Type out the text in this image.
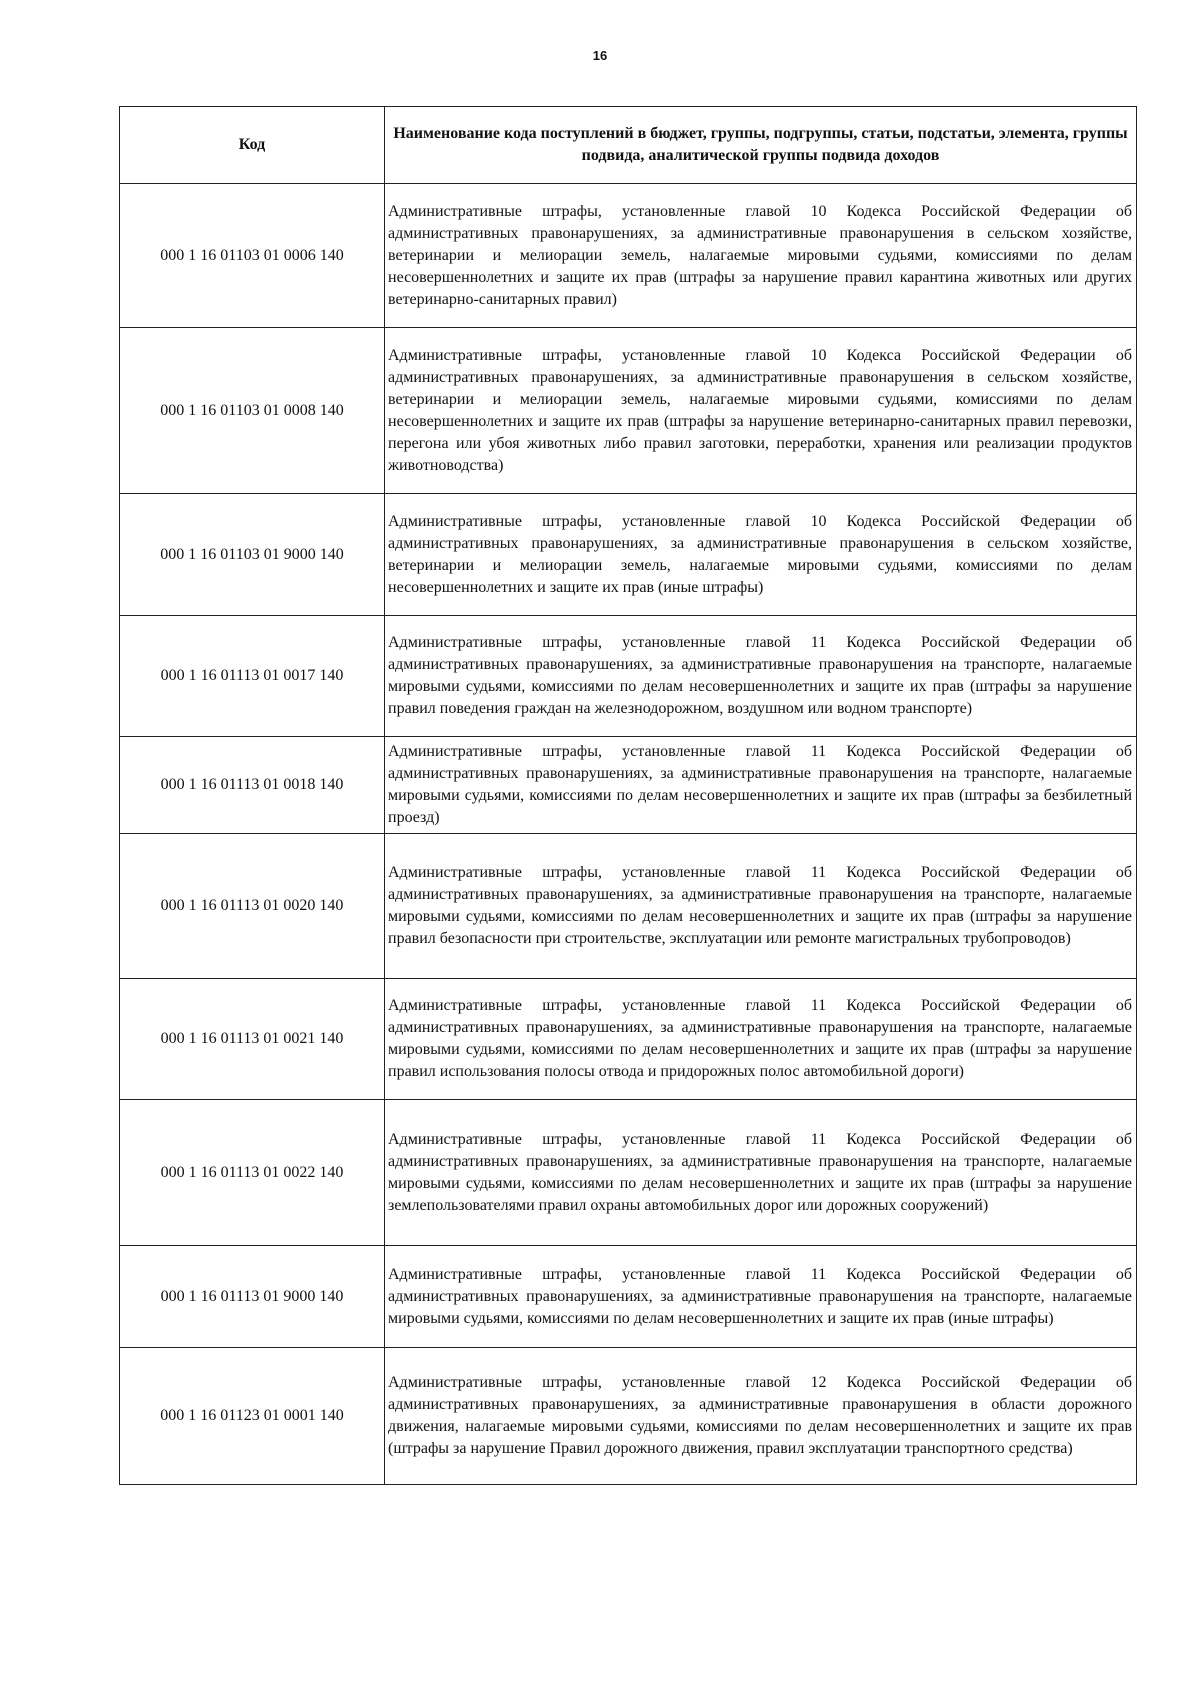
16
Код	Наименование кода поступлений в бюджет, группы, подгруппы, статьи, подстатьи, элемента, группы подвида, аналитической группы подвида доходов
000 1 16 01103 01 0006 140	Административные штрафы, установленные главой 10 Кодекса Российской Федерации об административных правонарушениях, за административные правонарушения в сельском хозяйстве, ветеринарии и мелиорации земель, налагаемые мировыми судьями, комиссиями по делам несовершеннолетних и защите их прав (штрафы за нарушение правил карантина животных или других ветеринарно-санитарных правил)
000 1 16 01103 01 0008 140	Административные штрафы, установленные главой 10 Кодекса Российской Федерации об административных правонарушениях, за административные правонарушения в сельском хозяйстве, ветеринарии и мелиорации земель, налагаемые мировыми судьями, комиссиями по делам несовершеннолетних и защите их прав (штрафы за нарушение ветеринарно-санитарных правил перевозки, перегона или убоя животных либо правил заготовки, переработки, хранения или реализации продуктов животноводства)
000 1 16 01103 01 9000 140	Административные штрафы, установленные главой 10 Кодекса Российской Федерации об административных правонарушениях, за административные правонарушения в сельском хозяйстве, ветеринарии и мелиорации земель, налагаемые мировыми судьями, комиссиями по делам несовершеннолетних и защите их прав (иные штрафы)
000 1 16 01113 01 0017 140	Административные штрафы, установленные главой 11 Кодекса Российской Федерации об административных правонарушениях, за административные правонарушения на транспорте, налагаемые мировыми судьями, комиссиями по делам несовершеннолетних и защите их прав (штрафы за нарушение правил поведения граждан на железнодорожном, воздушном или водном транспорте)
000 1 16 01113 01 0018 140	Административные штрафы, установленные главой 11 Кодекса Российской Федерации об административных правонарушениях, за административные правонарушения на транспорте, налагаемые мировыми судьями, комиссиями по делам несовершеннолетних и защите их прав (штрафы за безбилетный проезд)
000 1 16 01113 01 0020 140	Административные штрафы, установленные главой 11 Кодекса Российской Федерации об административных правонарушениях, за административные правонарушения на транспорте, налагаемые мировыми судьями, комиссиями по делам несовершеннолетних и защите их прав (штрафы за нарушение правил безопасности при строительстве, эксплуатации или ремонте магистральных трубопроводов)
000 1 16 01113 01 0021 140	Административные штрафы, установленные главой 11 Кодекса Российской Федерации об административных правонарушениях, за административные правонарушения на транспорте, налагаемые мировыми судьями, комиссиями по делам несовершеннолетних и защите их прав (штрафы за нарушение правил использования полосы отвода и придорожных полос автомобильной дороги)
000 1 16 01113 01 0022 140	Административные штрафы, установленные главой 11 Кодекса Российской Федерации об административных правонарушениях, за административные правонарушения на транспорте, налагаемые мировыми судьями, комиссиями по делам несовершеннолетних и защите их прав (штрафы за нарушение землепользователями правил охраны автомобильных дорог или дорожных сооружений)
000 1 16 01113 01 9000 140	Административные штрафы, установленные главой 11 Кодекса Российской Федерации об административных правонарушениях, за административные правонарушения на транспорте, налагаемые мировыми судьями, комиссиями по делам несовершеннолетних и защите их прав (иные штрафы)
000 1 16 01123 01 0001 140	Административные штрафы, установленные главой 12 Кодекса Российской Федерации об административных правонарушениях, за административные правонарушения в области дорожного движения, налагаемые мировыми судьями, комиссиями по делам несовершеннолетних и защите их прав (штрафы за нарушение Правил дорожного движения, правил эксплуатации транспортного средства)
